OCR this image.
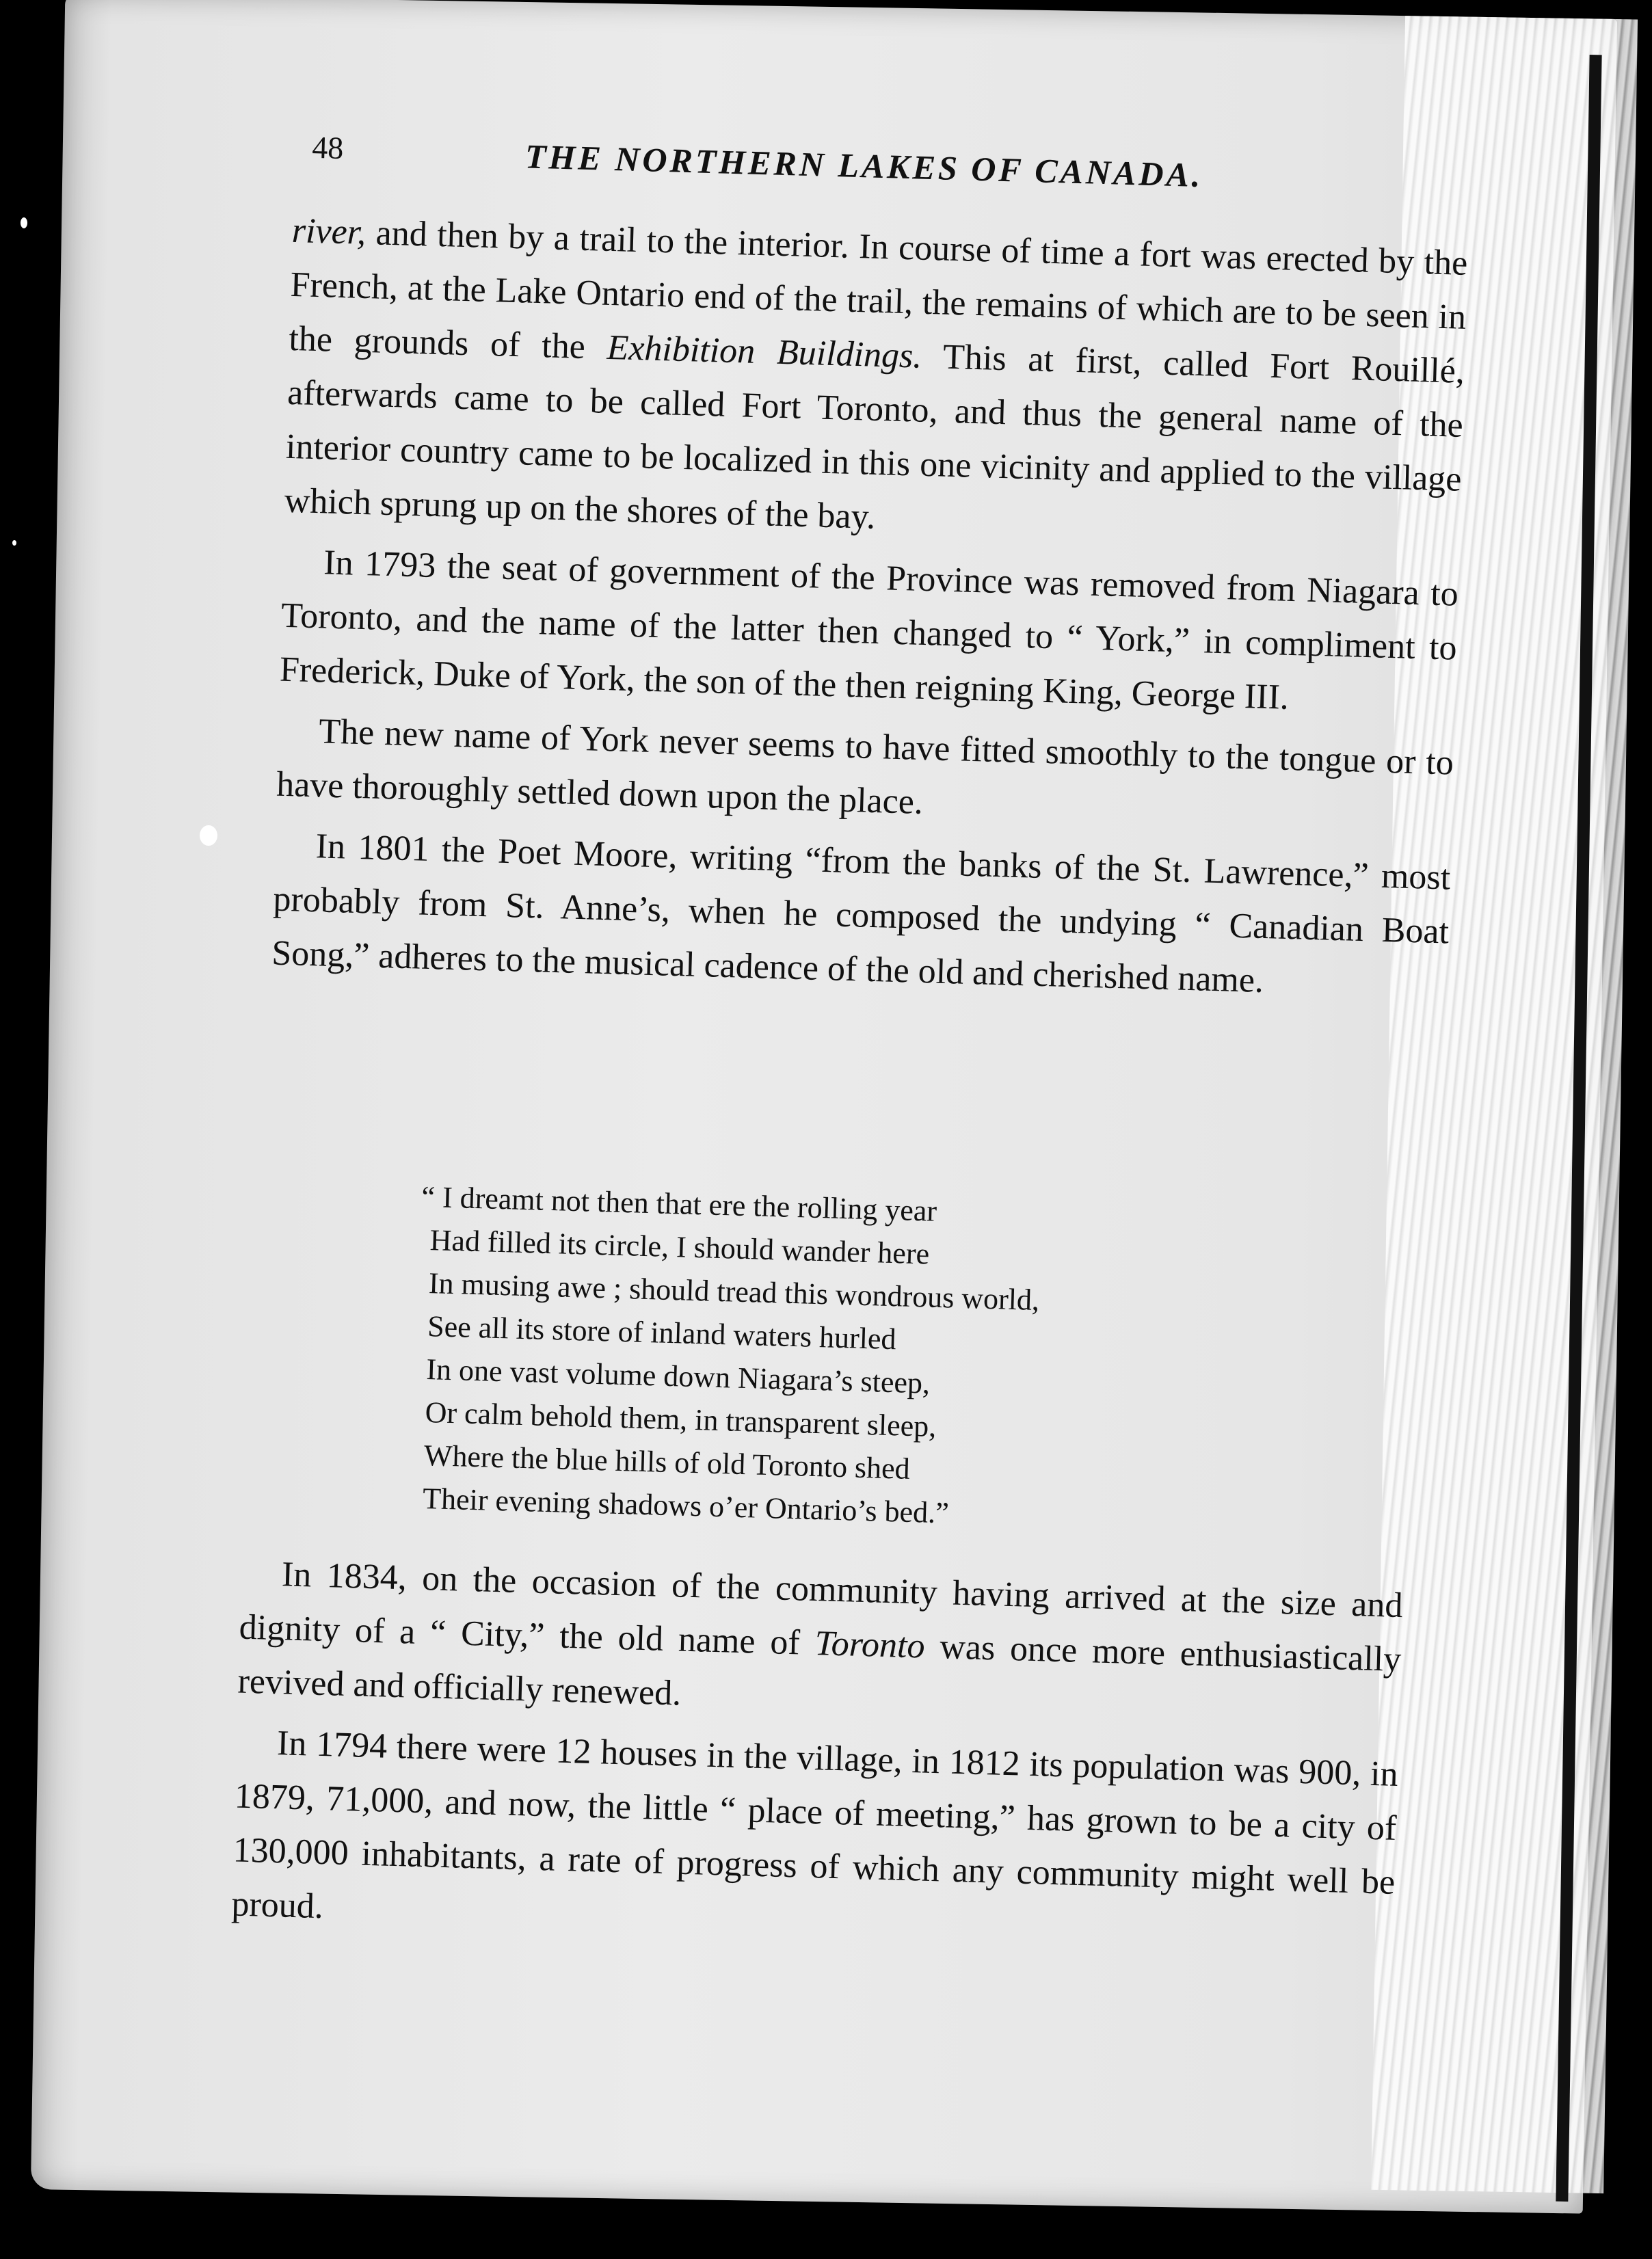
48	THE NORTHERN LAKES OF CANADA.

river, and then by a trail to the interior. In course of time a fort was erected by the French, at the Lake Ontario end of the trail, the remains of which are to be seen in the grounds of the Exhibition Buildings. This at first, called Fort Rouillé, afterwards came to be called Fort Toronto, and thus the general name of the interior country came to be localized in this one vicinity and applied to the village which sprung up on the shores of the bay.

In 1793 the seat of government of the Province was removed from Niagara to Toronto, and the name of the latter then changed to “ York,” in compliment to Frederick, Duke of York, the son of the then reigning King, George III.

The new name of York never seems to have fitted smoothly to the tongue or to have thoroughly settled down upon the place.

In 1801 the Poet Moore, writing “from the banks of the St. Lawrence,” most probably from St. Anne’s, when he composed the undying “ Canadian Boat Song,” adheres to the musical cadence of the old and cherished name.

“ I dreamt not then that ere the rolling year
Had filled its circle, I should wander here
In musing awe ; should tread this wondrous world,
See all its store of inland waters hurled
In one vast volume down Niagara’s steep,
Or calm behold them, in transparent sleep,
Where the blue hills of old Toronto shed
Their evening shadows o’er Ontario’s bed.”

In 1834, on the occasion of the community having arrived at the size and dignity of a “ City,” the old name of Toronto was once more enthusiastically revived and officially renewed.

In 1794 there were 12 houses in the village, in 1812 its population was 900, in 1879, 71,000, and now, the little “ place of meeting,” has grown to be a city of 130,000 inhabitants, a rate of progress of which any community might well be proud.
